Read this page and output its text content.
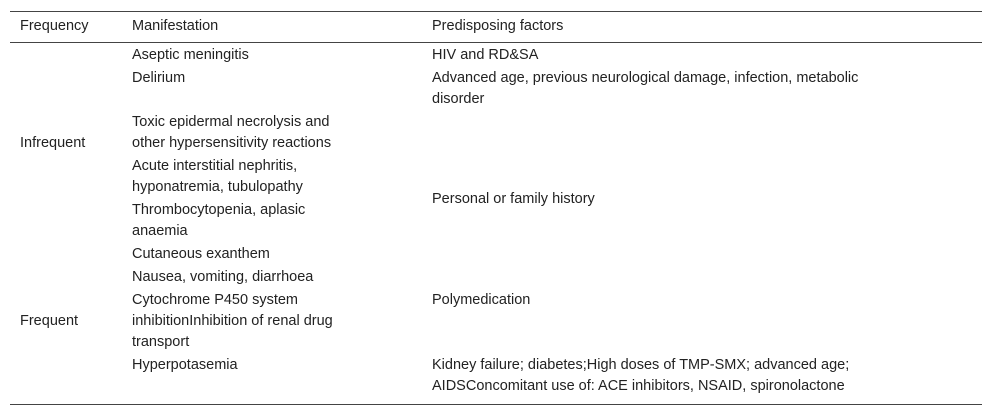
Frequency	Manifestation	Predisposing factors
Infrequent
Frequent
Aseptic meningitis
Delirium
Toxic epidermal necrolysis and
other hypersensitivity reactions
Acute interstitial nephritis,
hyponatremia, tubulopathy
Thrombocytopenia, aplasic
anaemia
Cutaneous exanthem
Nausea, vomiting, diarrhoea
Cytochrome P450 system
inhibitionInhibition of renal drug
transport
Hyperpotasemia
HIV and RD&SA
Advanced age, previous neurological damage, infection, metabolic
disorder
Personal or family history
Polymedication
Kidney failure; diabetes;High doses of TMP-SMX; advanced age;
AIDSConcomitant use of: ACE inhibitors, NSAID, spironolactone
